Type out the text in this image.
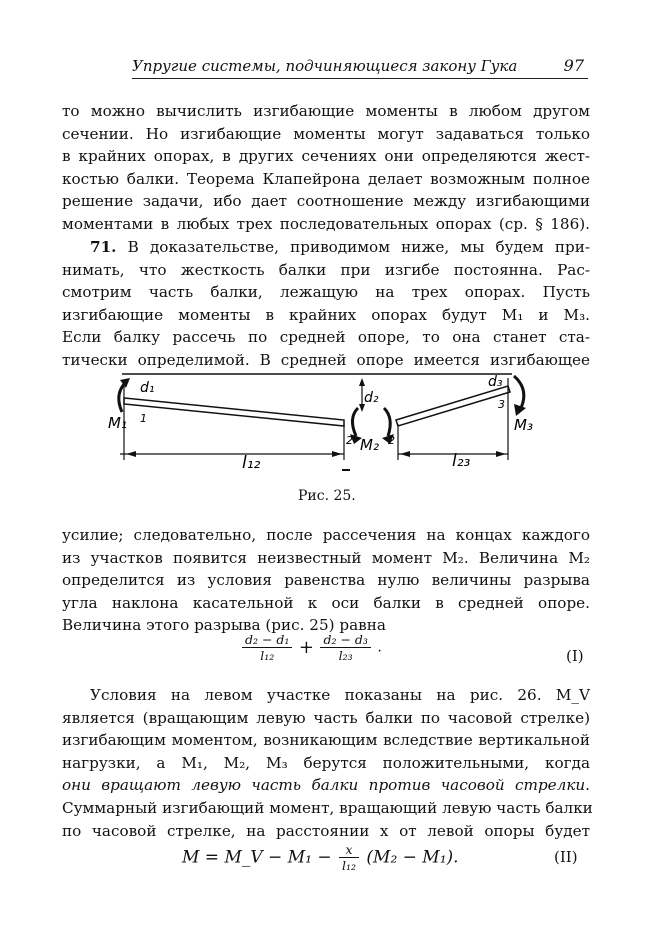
Упругие системы, подчиняющиеся закону Гука	97
то можно вычислить изгибающие моменты в любом другом
сечении. Но изгибающие моменты могут задаваться только
в крайних опорах, в других сечениях они определяются жест-
костью балки. Теорема Клапейрона делает возможным полное
решение задачи, ибо дает соотношение между изгибающими
моментами в любых трех последовательных опорах (ср. § 186).
71. В доказательстве, приводимом ниже, мы будем при-
нимать, что жесткость балки при изгибе постоянна. Рас-
смотрим часть балки, лежащую на трех опорах. Пусть
изгибающие моменты в крайних опорах будут M₁ и M₃.
Если балку рассечь по средней опоре, то она станет ста-
тически определимой. В средней опоре имеется изгибающее
d₁
d₂
d₃
M₁
M₂
M₃
l₁₂	l₂₃
1
2	2
3
Рис. 25.
усилие; следовательно, после рассечения на концах каждого
из участков появится неизвестный момент M₂. Величина M₂
определится из условия равенства нулю величины разрыва
угла наклона касательной к оси балки в средней опоре.
Величина этого разрыва (рис. 25) равна
$\frac{\text{d₂ − d₁}}{\text{l₁₂}} + \frac{\text{d₂ − d₃}}{\text{l₂₃}}$ .	(I)
Условия на левом участке показаны на рис. 26. M_V
является (вращающим левую часть балки по часовой стрелке)
изгибающим моментом, возникающим вследствие вертикальной
нагрузки, а M₁, M₂, M₃ берутся положительными, когда
они вращают левую часть балки против часовой стрелки.
Суммарный изгибающий момент, вращающий левую часть балки
по часовой стрелке, на расстоянии x от левой опоры будет
M = M_V − $M_1 - \frac{x}{\text{l₁₂}} (M_2 - M_1)$.	(II)
